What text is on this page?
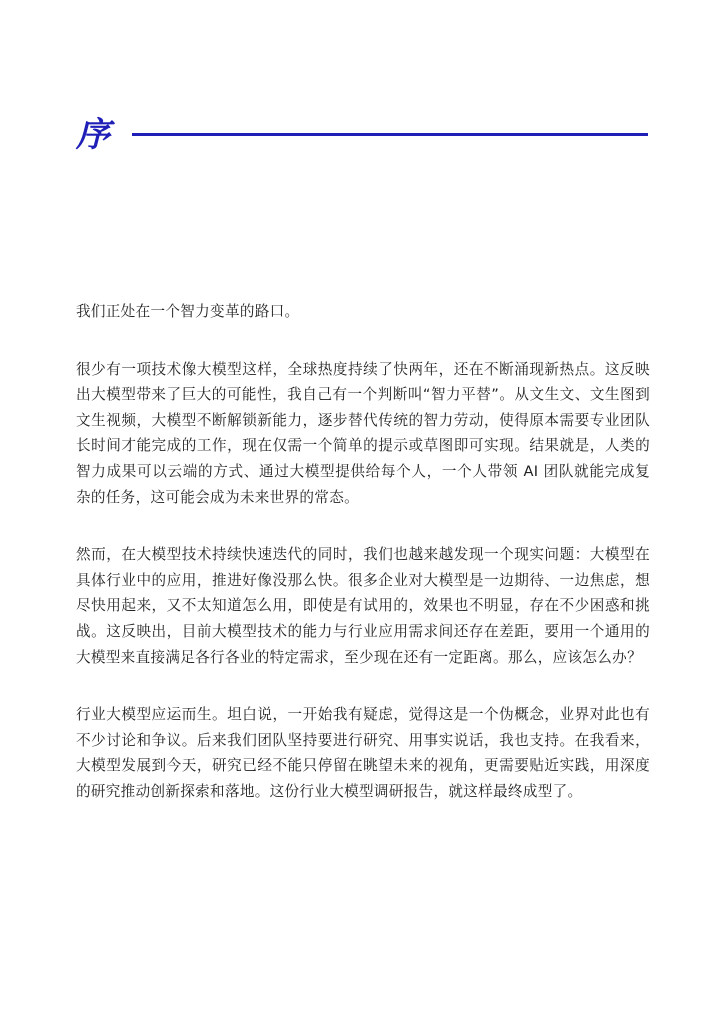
序

我们正处在一个智力变革的路口。

很少有一项技术像大模型这样，全球热度持续了快两年，还在不断涌现新热点。这反映出大模型带来了巨大的可能性，我自己有一个判断叫“智力平替”。从文生文、文生图到文生视频，大模型不断解锁新能力，逐步替代传统的智力劳动，使得原本需要专业团队长时间才能完成的工作，现在仅需一个简单的提示或草图即可实现。结果就是，人类的智力成果可以云端的方式、通过大模型提供给每个人，一个人带领 AI 团队就能完成复杂的任务，这可能会成为未来世界的常态。

然而，在大模型技术持续快速迭代的同时，我们也越来越发现一个现实问题：大模型在具体行业中的应用，推进好像没那么快。很多企业对大模型是一边期待、一边焦虑，想尽快用起来，又不太知道怎么用，即使是有试用的，效果也不明显，存在不少困惑和挑战。这反映出，目前大模型技术的能力与行业应用需求间还存在差距，要用一个通用的大模型来直接满足各行各业的特定需求，至少现在还有一定距离。那么，应该怎么办？

行业大模型应运而生。坦白说，一开始我有疑虑，觉得这是一个伪概念，业界对此也有不少讨论和争议。后来我们团队坚持要进行研究、用事实说话，我也支持。在我看来，大模型发展到今天，研究已经不能只停留在眺望未来的视角，更需要贴近实践，用深度的研究推动创新探索和落地。这份行业大模型调研报告，就这样最终成型了。
